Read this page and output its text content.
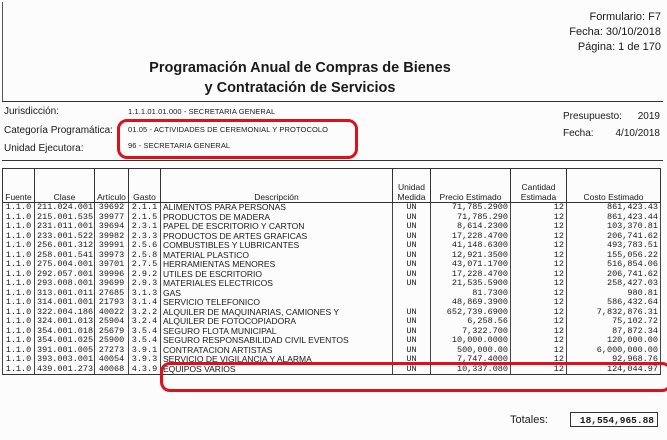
Formulario: F7
Fecha: 30/10/2018
Página: 1 de 170
Programación Anual de Compras de Bienes
y Contratación de Servicios
Jurisdicción:	1.1.1.01.01.000 - SECRETARIA GENERAL
Categoría Programática: 01.05 - ACTIVIDADES DE CEREMONIAL Y PROTOCOLO
Unidad Ejecutora:	96 - SECRETARIA GENERAL
Presupuesto:	2019
Fecha:	4/10/2018
Fuente	Clase	Artículo	Gasto	Descripción	Unidad Medida	Precio Estimado	Cantidad Estimada	Costo Estimado
1.1.0	211.024.001	39692	2.1.1	ALIMENTOS PARA PERSONAS	UN	71,785.2900	12	861,423.43
1.1.0	215.001.535	39977	2.1.5	PRODUCTOS DE MADERA	UN	71,785.290	12	861,423.44
1.1.0	231.011.001	39694	2.3.1	PAPEL DE ESCRITORIO Y CARTON	UN	8,614.2300	12	103,370.81
1.1.0	233.001.522	39982	2.3.3	PRODUCTOS DE ARTES GRAFICAS	UN	17,228.4700	12	206,741.62
1.1.0	256.001.312	39991	2.5.6	COMBUSTIBLES Y LUBRICANTES	UN	41,148.6300	12	493,783.51
1.1.0	258.001.541	39973	2.5.8	MATERIAL PLASTICO	UN	12,921.3500	12	155,056.22
1.1.0	275.004.001	39701	2.7.5	HERRAMIENTAS MENORES	UN	43,071.1700	12	516,854.06
1.1.0	292.057.001	39996	2.9.2	UTILES DE ESCRITORIO	UN	17,228.4700	12	206,741.62
1.1.0	293.008.001	39699	2.9.3	MATERIALES ELECTRICOS	UN	21,535.5900	12	258,427.03
1.1.0	313.001.011	27685	3.1.3	GAS		81.7300	12	980.81
1.1.0	314.001.001	21793	3.1.4	SERVICIO TELEFONICO		48,869.3900	12	586,432.64
1.1.0	322.004.186	40022	3.2.2	ALQUILER DE MAQUINARIAS, CAMIONES Y	UN	652,739.6900	12	7,832,876.31
1.1.0	324.001.013	25904	3.2.4	ALQUILER DE FOTOCOPIADORA	UN	6,258.56	12	75,102.72
1.1.0	354.001.018	25679	3.5.4	SEGURO FLOTA MUNICIPAL	UN	7,322.700	12	87,872.34
1.1.0	354.001.025	25900	3.5.4	SEGURO RESPONSABILIDAD CIVIL EVENTOS	UN	10,000.0000	12	120,000.00
1.1.0	391.001.005	27273	3.9.1	CONTRATACION ARTISTAS	UN	500,000.00	12	6,000,000.00
1.1.0	393.003.001	40054	3.9.3	SERVICIO DE VIGILANCIA Y ALARMA	UN	7,747.4000	12	92,968.76
1.1.0	439.001.273	40068	4.3.9	EQUIPOS VARIOS	UN	10,337.080	12	124,044.97
Totales:	18,554,965.88
